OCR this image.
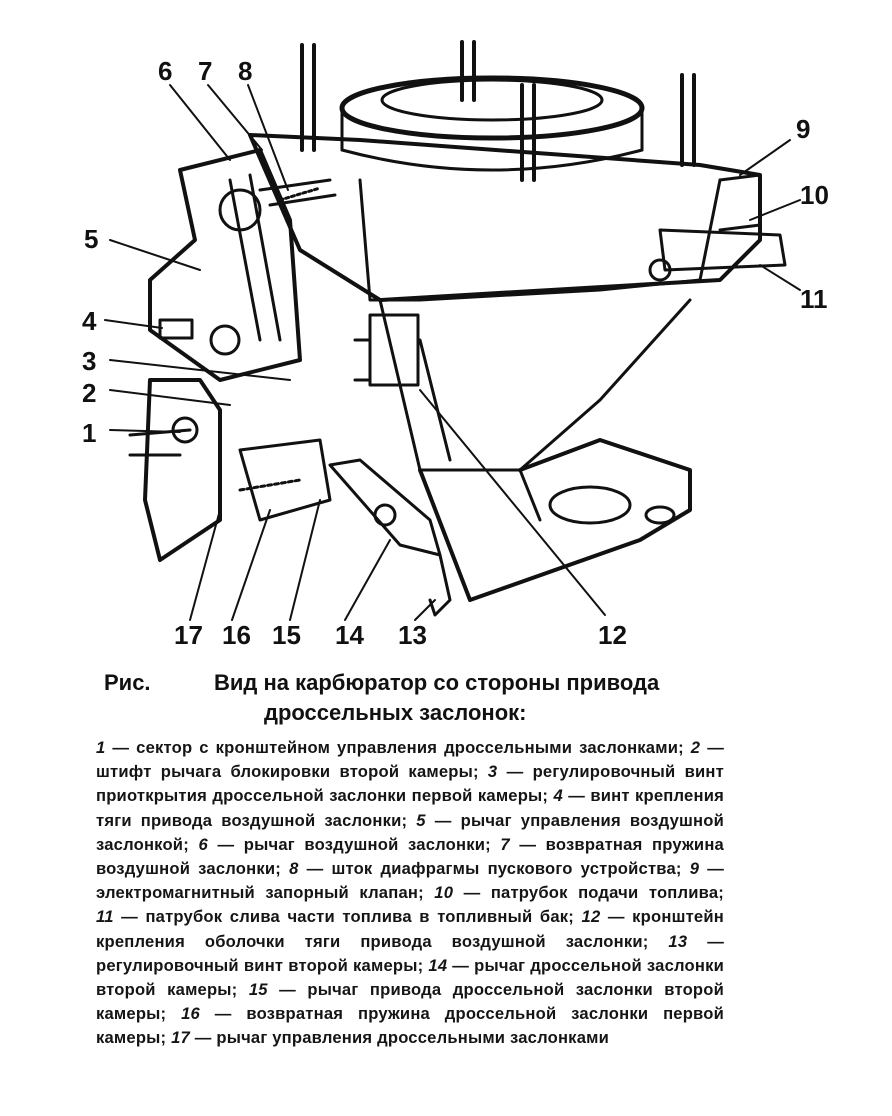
1
2
3
4
5
6 7 8
9
10
11
12
13
14
15
16
17
Рис.	Вид на карбюратор со стороны привода
дроссельных заслонок:
1 — сектор с кронштейном управления дроссельными заслонками; 2 — штифт рычага блокировки второй камеры; 3 — регулировочный винт приоткрытия дроссельной заслонки первой камеры; 4 — винт крепления тяги привода воздушной заслонки; 5 — рычаг управления воздушной заслонкой; 6 — рычаг воздушной заслонки; 7 — возвратная пружина воздушной заслонки; 8 — шток диафрагмы пускового устройства; 9 — электромагнитный запорный клапан; 10 — патрубок подачи топлива; 11 — патрубок слива части топлива в топливный бак; 12 — кронштейн крепления оболочки тяги привода воздушной заслонки; 13 — регулировочный винт второй камеры; 14 — рычаг дроссельной заслонки второй камеры; 15 — рычаг привода дроссельной заслонки второй камеры; 16 — возвратная пружина дроссельной заслонки первой камеры; 17 — рычаг управления дроссельными заслонками
